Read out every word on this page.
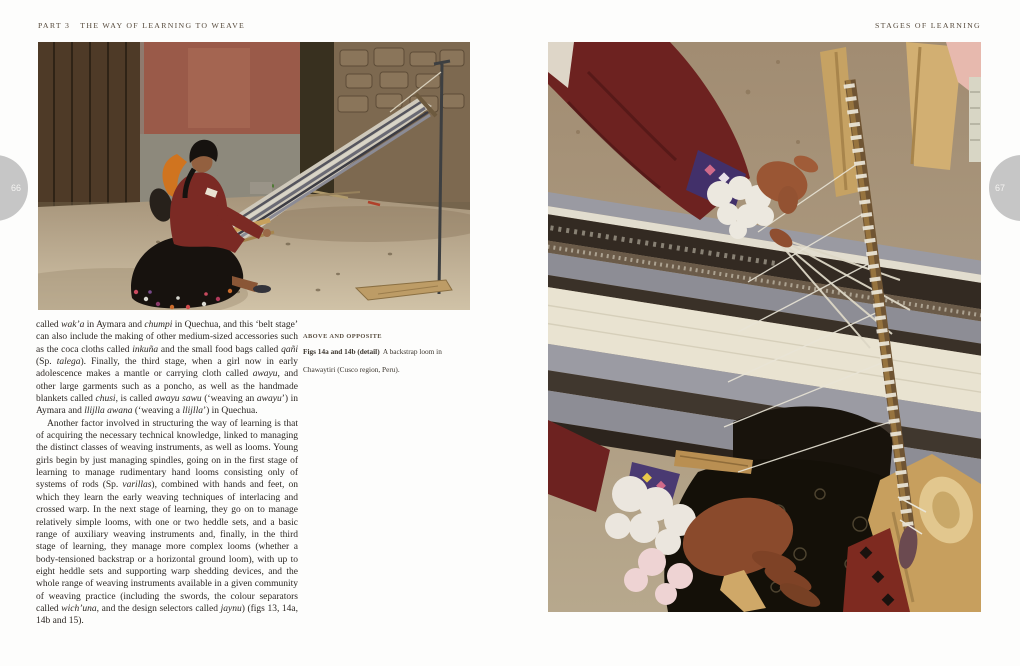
PART 3 THE WAY OF LEARNING TO WEAVE	STAGES OF LEARNING
66	67
ABOVE AND OPPOSITE
Figs 14a and 14b (detail) A backstrap loom in Chawaytiri (Cusco region, Peru).

called wak’a in Aymara and chumpi in Quechua, and this ‘belt stage’ can also include the making of other medium-sized accessories such as the coca cloths called inkuña and the small food bags called qañi (Sp. talega). Finally, the third stage, when a girl now in early adolescence makes a mantle or carrying cloth called awayu, and other large garments such as a poncho, as well as the handmade blankets called chusi, is called awayu sawu (‘weaving an awayu’) in Aymara and llijlla awana (‘weaving a llijlla’) in Quechua.

Another factor involved in structuring the way of learning is that of acquiring the necessary technical knowledge, linked to managing the distinct classes of weaving instruments, as well as looms. Young girls begin by just managing spindles, going on in the first stage of learning to manage rudimentary hand looms consisting only of systems of rods (Sp. varillas), combined with hands and feet, on which they learn the early weaving techniques of interlacing and crossed warp. In the next stage of learning, they go on to manage relatively simple looms, with one or two heddle sets, and a basic range of auxiliary weaving instruments and, finally, in the third stage of learning, they manage more complex looms (whether a body-tensioned backstrap or a horizontal ground loom), with up to eight heddle sets and supporting warp shedding devices, and the whole range of weaving instruments available in a given community of weaving practice (including the swords, the colour separators called wich’una, and the design selectors called jaynu) (figs 13, 14a, 14b and 15).
